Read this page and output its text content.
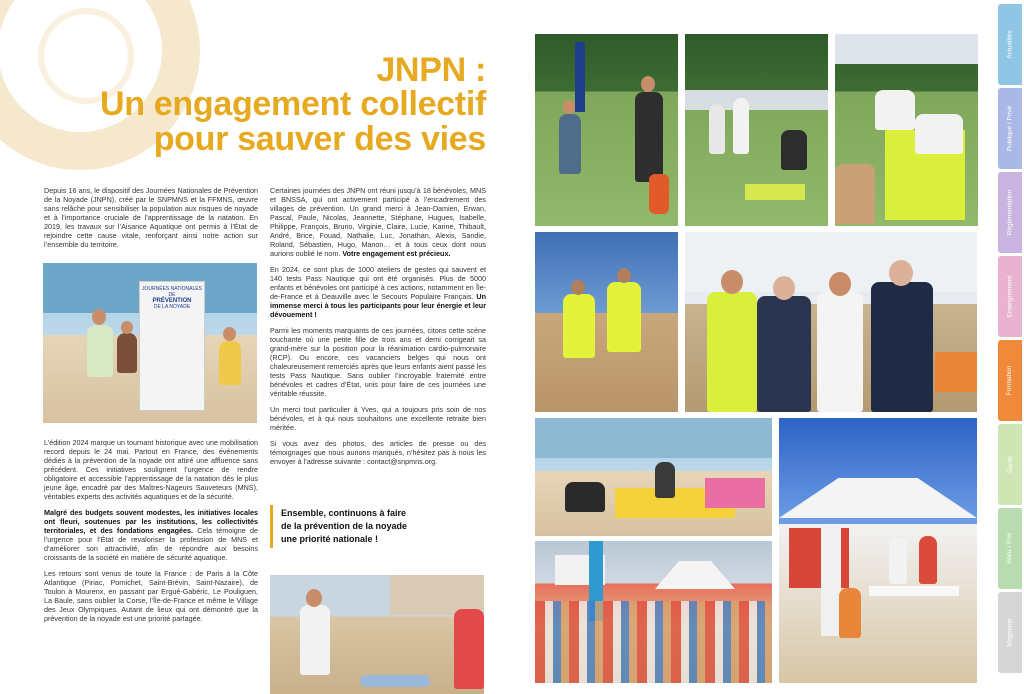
JNPN :
Un engagement collectif
pour sauver des vies

Depuis 16 ans, le dispositif des Journées Nationales de Prévention de la Noyade (JNPN), créé par le SNPMNS et la FFMNS, œuvre sans relâche pour sensibiliser la population aux risques de noyade et à l’importance cruciale de l’apprentissage de la natation. En 2019, les travaux sur l’Aisance Aquatique ont permis à l’État de rejoindre cette cause vitale, renforçant ainsi notre action sur l’ensemble du territoire.

JOURNÉES NATIONALES DE
PRÉVENTION
DE LA NOYADE

L’édition 2024 marque un tournant historique avec une mobilisation record depuis le 24 mai. Partout en France, des événements dédiés à la prévention de la noyade ont attiré une affluence sans précédent. Ces initiatives soulignent l’urgence de rendre obligatoire et accessible l’apprentissage de la natation dès le plus jeune âge, encadré par des Maîtres-Nageurs Sauveteurs (MNS), véritables experts des activités aquatiques et de la sécurité.

Malgré des budgets souvent modestes, les initiatives locales ont fleuri, soutenues par les institutions, les collectivités territoriales, et des fondations engagées. Cela témoigne de l’urgence pour l’État de revaloriser la profession de MNS et d’améliorer son attractivité, afin de répondre aux besoins croissants de la société en matière de sécurité aquatique.

Les retours sont venus de toute la France : de Paris à la Côte Atlantique (Piriac, Pornichet, Saint-Brévin, Saint-Nazaire), de Toulon à Mourenx, en passant par Ergué-Gabéric, Le Pouliguen, La Baule, sans oublier la Corse, l’Île-de-France et même le Village des Jeux Olympiques. Autant de lieux qui ont démontré que la prévention de la noyade est une priorité partagée.

Certaines journées des JNPN ont réuni jusqu’à 18 bénévoles, MNS et BNSSA, qui ont activement participé à l’encadrement des villages de prévention. Un grand merci à Jean-Damien, Erwan, Pascal, Paule, Nicolas, Jeannette, Stéphane, Hugues, Isabelle, Philippe, François, Bruno, Virginie, Claire, Lucie, Karine, Thibault, André, Brice, Fouad, Nathalie, Luc, Jonathan, Alexis, Sandie, Roland, Sébastien, Hugo, Manon… et à tous ceux dont nous aurions oublié le nom. Votre engagement est précieux.

En 2024, ce sont plus de 1000 ateliers de gestes qui sauvent et 140 tests Pass Nautique qui ont été organisés. Plus de 5000 enfants et bénévoles ont participé à ces actions, notamment en Île-de-France et à Deauville avec le Secours Populaire Français. Un immense merci à tous les participants pour leur énergie et leur dévouement !

Parmi les moments marquants de ces journées, citons cette scène touchante où une petite fille de trois ans et demi corrigeait sa grand-mère sur la position pour la réanimation cardio-pulmonaire (RCP). Ou encore, ces vacanciers belges qui nous ont chaleureusement remerciés après que leurs enfants aient passé les tests Pass Nautique. Sans oublier l’incroyable fraternité entre bénévoles et cadres d’État, unis pour faire de ces journées une véritable réussite.

Un merci tout particulier à Yves, qui a toujours pris soin de nos bénévoles, et à qui nous souhaitons une excellente retraite bien méritée.

Si vous avez des photos, des articles de presse ou des témoignages que nous aurions manqués, n’hésitez pas à nous les envoyer à l’adresse suivante : contact@snpmns.org.

Ensemble, continuons à faire
de la prévention de la noyade
une priorité nationale !
Actualités
Publique / Privé
Réglementation
Enseignement
Formation
Santé
Sécu / Env
Magazine
